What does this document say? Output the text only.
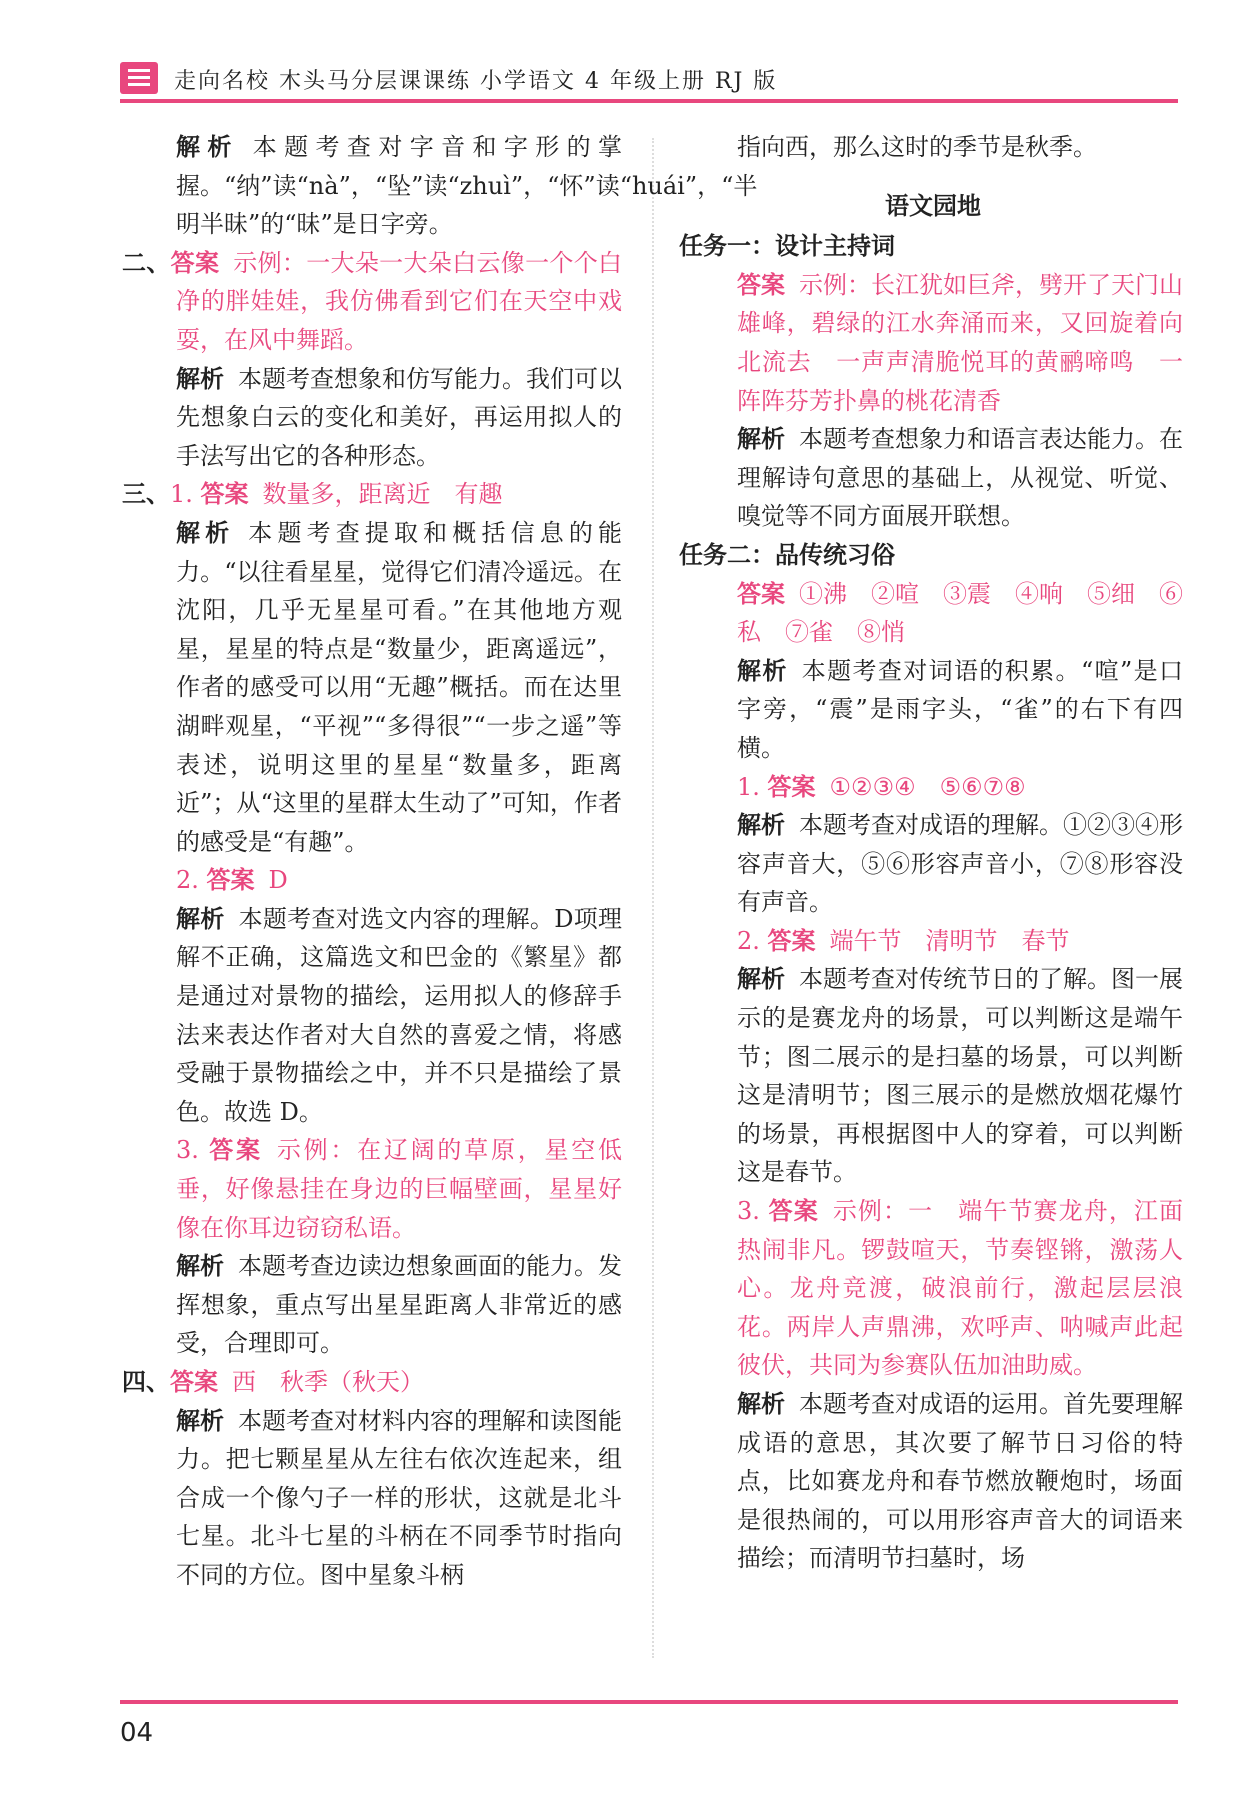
走向名校 木头马分层课课练 小学语文 4 年级上册 RJ 版

解析 本题考查对字音和字形的掌握。“纳”读“nà”，“坠”读“zhuì”，“怀”读“huái”，“半明半昧”的“昧”是日字旁。

二、答案 示例：一大朵一大朵白云像一个个白净的胖娃娃，我仿佛看到它们在天空中戏耍，在风中舞蹈。

解析 本题考查想象和仿写能力。我们可以先想象白云的变化和美好，再运用拟人的手法写出它的各种形态。

三、1. 答案 数量多，距离近　有趣

解析 本题考查提取和概括信息的能力。“以往看星星，觉得它们清冷遥远。在沈阳，几乎无星星可看。”在其他地方观星，星星的特点是“数量少，距离遥远”，作者的感受可以用“无趣”概括。而在达里湖畔观星，“平视”“多得很”“一步之遥”等表述，说明这里的星星“数量多，距离近”；从“这里的星群太生动了”可知，作者的感受是“有趣”。

2. 答案 D

解析 本题考查对选文内容的理解。D项理解不正确，这篇选文和巴金的《繁星》都是通过对景物的描绘，运用拟人的修辞手法来表达作者对大自然的喜爱之情，将感受融于景物描绘之中，并不只是描绘了景色。故选 D。

3. 答案 示例：在辽阔的草原，星空低垂，好像悬挂在身边的巨幅壁画，星星好像在你耳边窃窃私语。

解析 本题考查边读边想象画面的能力。发挥想象，重点写出星星距离人非常近的感受，合理即可。

四、答案 西　秋季（秋天）

解析 本题考查对材料内容的理解和读图能力。把七颗星星从左往右依次连起来，组合成一个像勺子一样的形状，这就是北斗七星。北斗七星的斗柄在不同季节时指向不同的方位。图中星象斗柄

指向西，那么这时的季节是秋季。

语文园地

任务一：设计主持词

答案 示例：长江犹如巨斧，劈开了天门山雄峰，碧绿的江水奔涌而来，又回旋着向北流去　一声声清脆悦耳的黄鹂啼鸣　一阵阵芬芳扑鼻的桃花清香

解析 本题考查想象力和语言表达能力。在理解诗句意思的基础上，从视觉、听觉、嗅觉等不同方面展开联想。

任务二：品传统习俗

答案 ①沸　②喧　③震　④响　⑤细　⑥私　⑦雀　⑧悄

解析 本题考查对词语的积累。“喧”是口字旁，“震”是雨字头，“雀”的右下有四横。

1. 答案 ①②③④　⑤⑥⑦⑧

解析 本题考查对成语的理解。①②③④形容声音大，⑤⑥形容声音小，⑦⑧形容没有声音。

2. 答案 端午节　清明节　春节

解析 本题考查对传统节日的了解。图一展示的是赛龙舟的场景，可以判断这是端午节；图二展示的是扫墓的场景，可以判断这是清明节；图三展示的是燃放烟花爆竹的场景，再根据图中人的穿着，可以判断这是春节。

3. 答案 示例：一　端午节赛龙舟，江面热闹非凡。锣鼓喧天，节奏铿锵，激荡人心。龙舟竞渡，破浪前行，激起层层浪花。两岸人声鼎沸，欢呼声、呐喊声此起彼伏，共同为参赛队伍加油助威。

解析 本题考查对成语的运用。首先要理解成语的意思，其次要了解节日习俗的特点，比如赛龙舟和春节燃放鞭炮时，场面是很热闹的，可以用形容声音大的词语来描绘；而清明节扫墓时，场

04
